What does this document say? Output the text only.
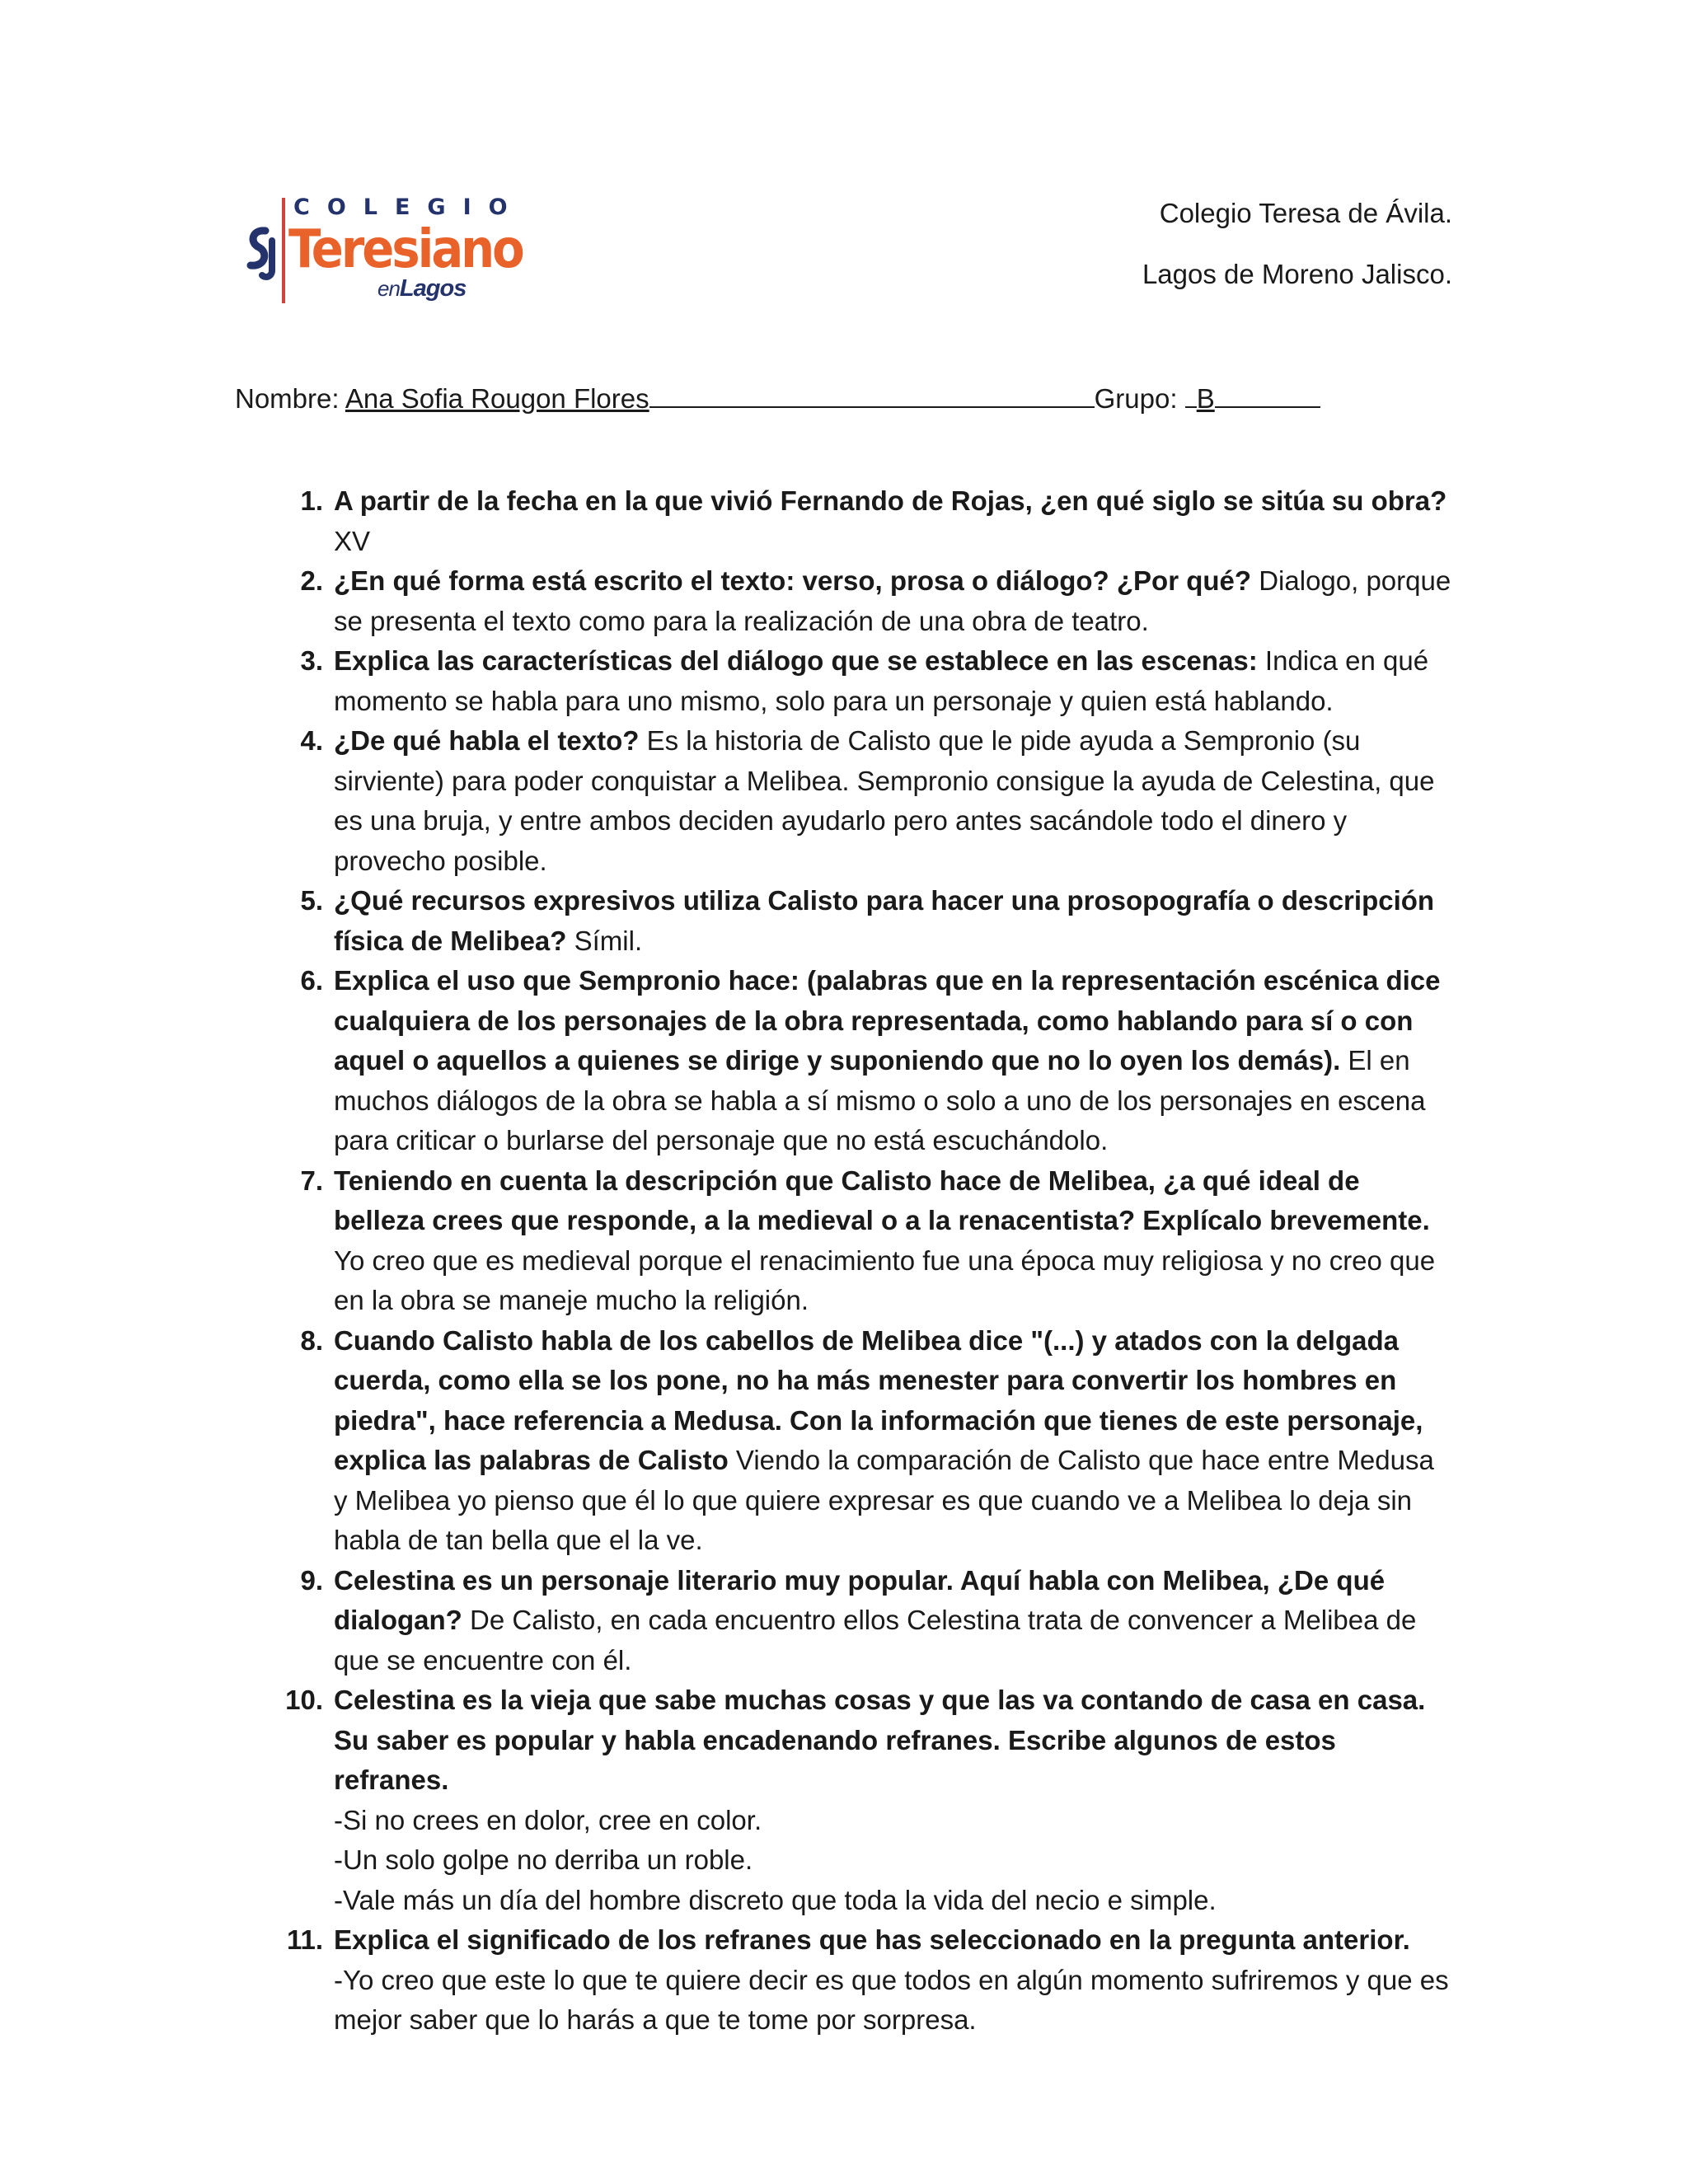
COLEGIO
Teresiano
enLagos
Colegio Teresa de Ávila.
Lagos de Moreno Jalisco.
Nombre: Ana Sofia Rougon Flores	Grupo: B
1. A partir de la fecha en la que vivió Fernando de Rojas, ¿en qué siglo se sitúa su obra? XV
2. ¿En qué forma está escrito el texto: verso, prosa o diálogo? ¿Por qué? Dialogo, porque se presenta el texto como para la realización de una obra de teatro.
3. Explica las características del diálogo que se establece en las escenas: Indica en qué momento se habla para uno mismo, solo para un personaje y quien está hablando.
4. ¿De qué habla el texto? Es la historia de Calisto que le pide ayuda a Sempronio (su sirviente) para poder conquistar a Melibea. Sempronio consigue la ayuda de Celestina, que es una bruja, y entre ambos deciden ayudarlo pero antes sacándole todo el dinero y provecho posible.
5. ¿Qué recursos expresivos utiliza Calisto para hacer una prosopografía o descripción física de Melibea? Símil.
6. Explica el uso que Sempronio hace: (palabras que en la representación escénica dice cualquiera de los personajes de la obra representada, como hablando para sí o con aquel o aquellos a quienes se dirige y suponiendo que no lo oyen los demás). El en muchos diálogos de la obra se habla a sí mismo o solo a uno de los personajes en escena para criticar o burlarse del personaje que no está escuchándolo.
7. Teniendo en cuenta la descripción que Calisto hace de Melibea, ¿a qué ideal de belleza crees que responde, a la medieval o a la renacentista? Explícalo brevemente. Yo creo que es medieval porque el renacimiento fue una época muy religiosa y no creo que en la obra se maneje mucho la religión.
8. Cuando Calisto habla de los cabellos de Melibea dice "(...) y atados con la delgada cuerda, como ella se los pone, no ha más menester para convertir los hombres en piedra", hace referencia a Medusa. Con la información que tienes de este personaje, explica las palabras de Calisto Viendo la comparación de Calisto que hace entre Medusa y Melibea yo pienso que él lo que quiere expresar es que cuando ve a Melibea lo deja sin habla de tan bella que el la ve.
9. Celestina es un personaje literario muy popular. Aquí habla con Melibea, ¿De qué dialogan? De Calisto, en cada encuentro ellos Celestina trata de convencer a Melibea de que se encuentre con él.
10. Celestina es la vieja que sabe muchas cosas y que las va contando de casa en casa. Su saber es popular y habla encadenando refranes. Escribe algunos de estos refranes.
-Si no crees en dolor, cree en color.
-Un solo golpe no derriba un roble.
-Vale más un día del hombre discreto que toda la vida del necio e simple.
11. Explica el significado de los refranes que has seleccionado en la pregunta anterior.
-Yo creo que este lo que te quiere decir es que todos en algún momento sufriremos y que es mejor saber que lo harás a que te tome por sorpresa.
